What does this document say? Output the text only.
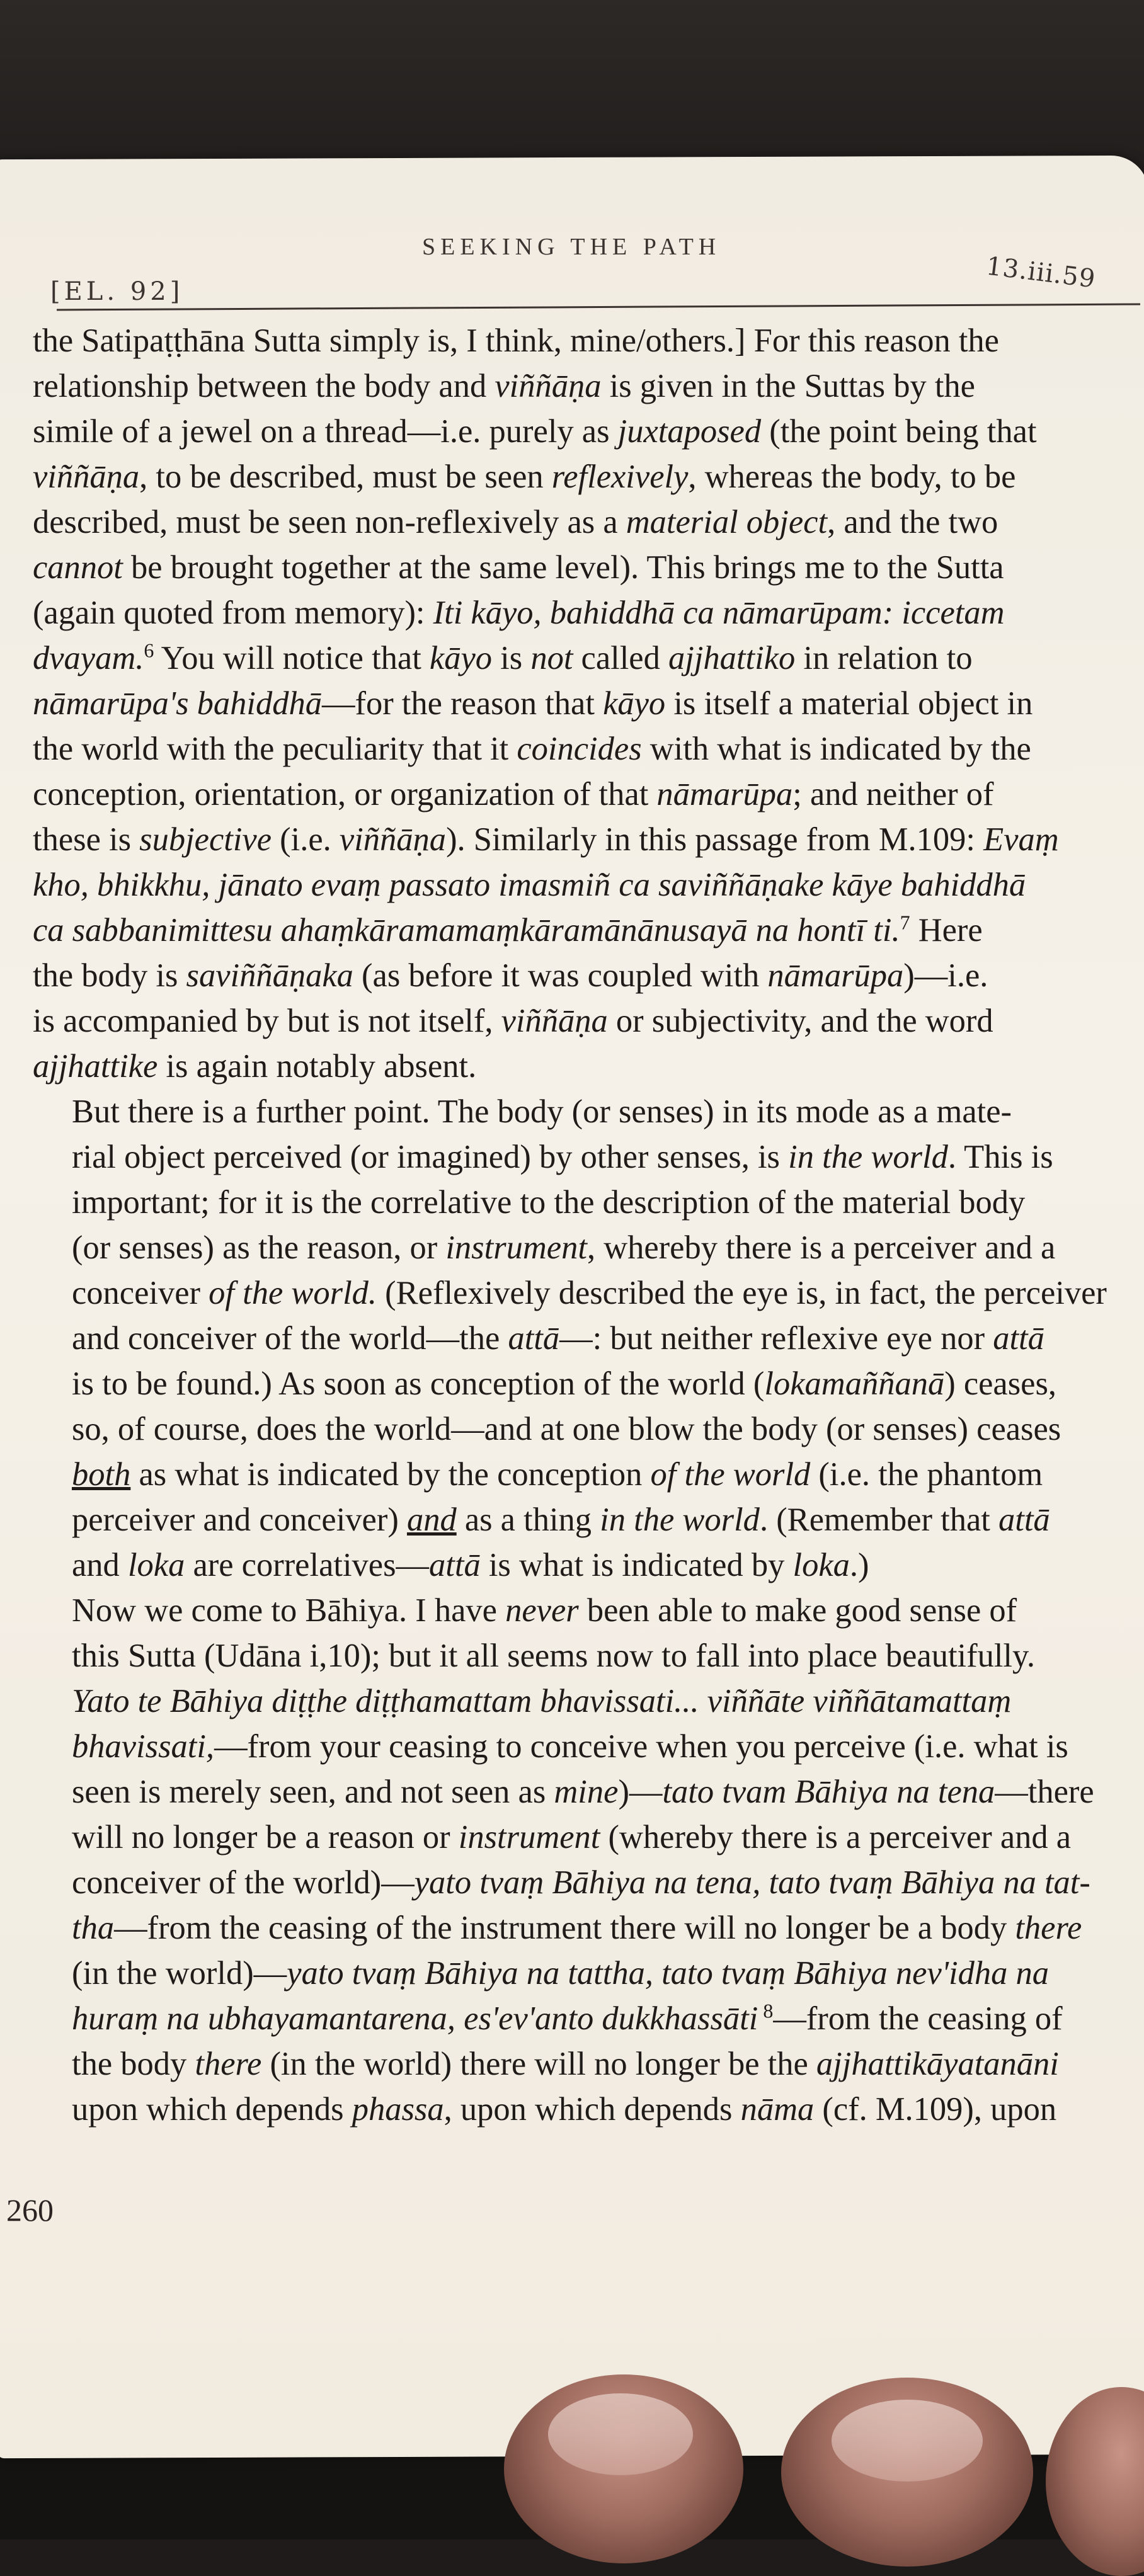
[EL. 92]
SEEKING THE PATH
13.iii.59
the Satipaṭṭhāna Sutta simply is, I think, mine/others.] For this reason the
relationship between the body and viññāṇa is given in the Suttas by the
simile of a jewel on a thread—i.e. purely as juxtaposed (the point being that
viññāṇa, to be described, must be seen reflexively, whereas the body, to be
described, must be seen non-reflexively as a material object, and the two
cannot be brought together at the same level). This brings me to the Sutta
(again quoted from memory): Iti kāyo, bahiddhā ca nāmarūpam: iccetam
dvayam.$^6$ You will notice that kāyo is not called ajjhattiko in relation to
nāmarūpa's bahiddhā—for the reason that kāyo is itself a material object in
the world with the peculiarity that it coincides with what is indicated by the
conception, orientation, or organization of that nāmarūpa; and neither of
these is subjective (i.e. viññāṇa). Similarly in this passage from M.109: Evaṃ
kho, bhikkhu, jānato evaṃ passato imasmiñ ca saviññāṇake kāye bahiddhā
ca sabbanimittesu ahaṃkāramamaṃkāramānānusayā na hontī ti.$^7$ Here
the body is saviññāṇaka (as before it was coupled with nāmarūpa)—i.e.
is accompanied by but is not itself, viññāṇa or subjectivity, and the word
ajjhattike is again notably absent.
But there is a further point. The body (or senses) in its mode as a mate-
rial object perceived (or imagined) by other senses, is in the world. This is
important; for it is the correlative to the description of the material body
(or senses) as the reason, or instrument, whereby there is a perceiver and a
conceiver of the world. (Reflexively described the eye is, in fact, the perceiver
and conceiver of the world—the attā—: but neither reflexive eye nor attā
is to be found.) As soon as conception of the world (lokamaññanā) ceases,
so, of course, does the world—and at one blow the body (or senses) ceases
both as what is indicated by the conception of the world (i.e. the phantom
perceiver and conceiver) and as a thing in the world. (Remember that attā
and loka are correlatives—attā is what is indicated by loka.)
Now we come to Bāhiya. I have never been able to make good sense of
this Sutta (Udāna i,10); but it all seems now to fall into place beautifully.
Yato te Bāhiya diṭṭhe diṭṭhamattam bhavissati... viññāte viññātamattaṃ
bhavissati,—from your ceasing to conceive when you perceive (i.e. what is
seen is merely seen, and not seen as mine)—tato tvam Bāhiya na tena—there
will no longer be a reason or instrument (whereby there is a perceiver and a
conceiver of the world)—yato tvaṃ Bāhiya na tena, tato tvaṃ Bāhiya na tat-
tha—from the ceasing of the instrument there will no longer be a body there
(in the world)—yato tvaṃ Bāhiya na tattha, tato tvaṃ Bāhiya nev'idha na
huraṃ na ubhayamantarena, es'ev'anto dukkhassāti $^8$—from the ceasing of
the body there (in the world) there will no longer be the ajjhattikāyatanāni
upon which depends phassa, upon which depends nāma (cf. M.109), upon
260
